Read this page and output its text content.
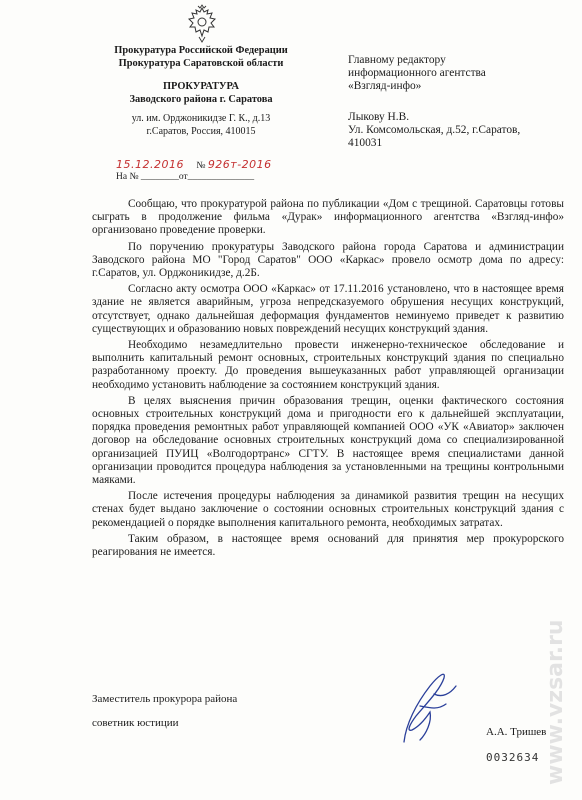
Прокуратура Российской Федерации
Прокуратура Саратовской области
ПРОКУРАТУРА
Заводского района г. Саратова
ул. им. Орджоникидзе Г. К., д.13
г.Саратов, Россия, 410015
15.12.2016 № 926т-2016
На № ________от______________
Главному редактору
информационного агентства
«Взгляд-инфо»
Лыкову Н.В.
Ул. Комсомольская, д.52, г.Саратов,
410031

Сообщаю, что прокуратурой района по публикации «Дом с трещиной. Саратовцы готовы сыграть в продолжение фильма «Дурак» информационного агентства «Взгляд-инфо» организовано проведение проверки.

По поручению прокуратуры Заводского района города Саратова и администрации Заводского района МО "Город Саратов" ООО «Каркас» провело осмотр дома по адресу: г.Саратов, ул. Орджоникидзе, д.2Б.

Согласно акту осмотра ООО «Каркас» от 17.11.2016 установлено, что в настоящее время здание не является аварийным, угроза непредсказуемого обрушения несущих конструкций, отсутствует, однако дальнейшая деформация фундаментов неминуемо приведет к развитию существующих и образованию новых повреждений несущих конструкций здания.

Необходимо незамедлительно провести инженерно-техническое обследование и выполнить капитальный ремонт основных, строительных конструкций здания по специально разработанному проекту. До проведения вышеуказанных работ управляющей организации необходимо установить наблюдение за состоянием конструкций здания.

В целях выяснения причин образования трещин, оценки фактического состояния основных строительных конструкций дома и пригодности его к дальнейшей эксплуатации, порядка проведения ремонтных работ управляющей компанией ООО «УК «Авиатор» заключен договор на обследование основных строительных конструкций дома со специализированной организацией ПУИЦ «Волгодортранс» СГТУ. В настоящее время специалистами данной организации проводится процедура наблюдения за установленными на трещины контрольными маяками.

После истечения процедуры наблюдения за динамикой развития трещин на несущих стенах будет выдано заключение о состоянии основных строительных конструкций здания с рекомендацией о порядке выполнения капитального ремонта, необходимых затратах.

Таким образом, в настоящее время оснований для принятия мер прокурорского реагирования не имеется.

Заместитель прокурора района
советник юстиции
А.А. Тришев
0032634 www.vzsar.ru
